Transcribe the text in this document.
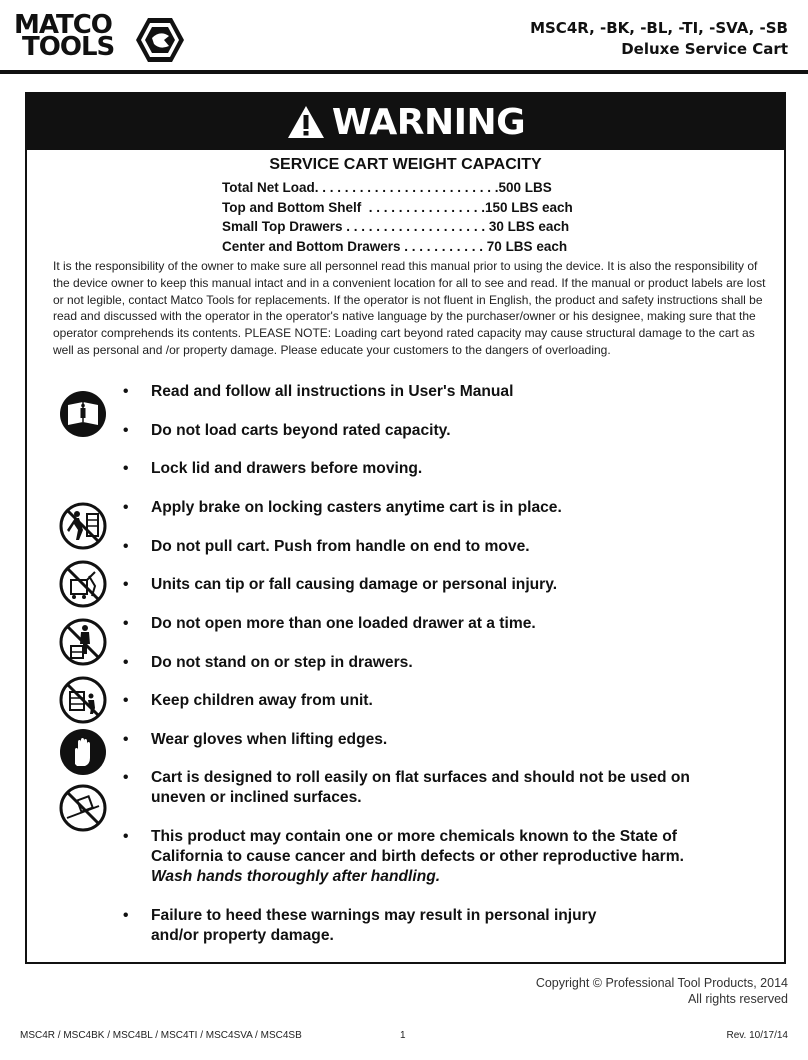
MATCO
TOOLS
MSC4R, -BK, -BL, -TI, -SVA, -SB
Deluxe Service Cart
WARNING
SERVICE CART WEIGHT CAPACITY
Total Net Load. . . . . . . . . . . . . . . . . . . . . . . . .500 LBS
Top and Bottom Shelf  . . . . . . . . . . . . . . . .150 LBS each
Small Top Drawers . . . . . . . . . . . . . . . . . . . 30 LBS each
Center and Bottom Drawers . . . . . . . . . . . 70 LBS each
It is the responsibility of the owner to make sure all personnel read this manual prior to using the device. It is also the responsibility of the device owner to keep this manual intact and in a convenient location for all to see and read. If the manual or product labels are lost or not legible, contact Matco Tools for replacements. If the operator is not fluent in English, the product and safety instructions shall be read and discussed with the operator in the operator's native language by the purchaser/owner or his designee, making sure that the operator comprehends its contents. PLEASE NOTE: Loading cart beyond rated capacity may cause structural damage to the cart as well as personal and /or property damage. Please educate your customers to the dangers of overloading.
• Read and follow all instructions in User's Manual
• Do not load carts beyond rated capacity.
• Lock lid and drawers before moving.
• Apply brake on locking casters anytime cart is in place.
• Do not pull cart. Push from handle on end to move.
• Units can tip or fall causing damage or personal injury.
• Do not open more than one loaded drawer at a time.
• Do not stand on or step in drawers.
• Keep children away from unit.
• Wear gloves when lifting edges.
• Cart is designed to roll easily on flat surfaces and should not be used on uneven or inclined surfaces.
• This product may contain one or more chemicals known to the State of California to cause cancer and birth defects or other reproductive harm.
Wash hands thoroughly after handling.
• Failure to heed these warnings may result in personal injury and/or property damage.
Copyright © Professional Tool Products, 2014
All rights reserved
MSC4R / MSC4BK / MSC4BL / MSC4TI / MSC4SVA / MSC4SB	1	Rev. 10/17/14
